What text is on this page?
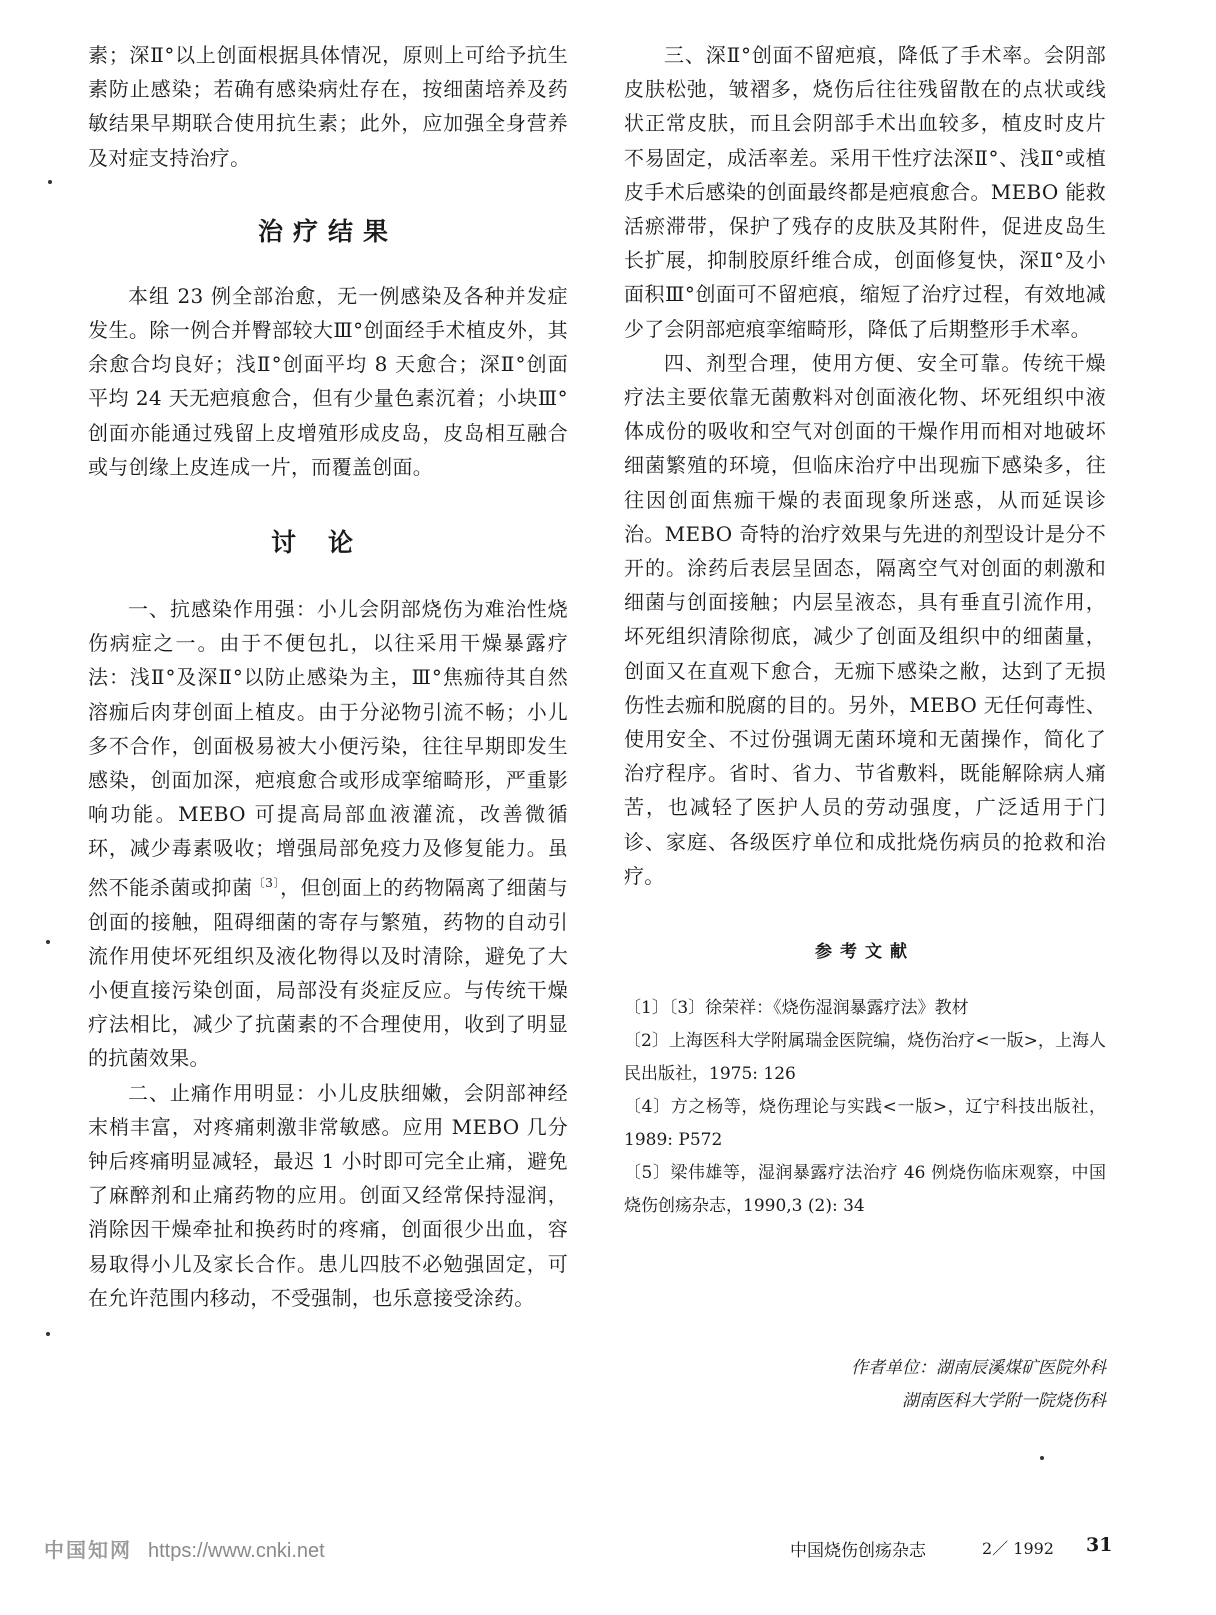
素；深Ⅱ°以上创面根据具体情况，原则上可给予抗生素防止感染；若确有感染病灶存在，按细菌培养及药敏结果早期联合使用抗生素；此外，应加强全身营养及对症支持治疗。

治疗结果

本组 23 例全部治愈，无一例感染及各种并发症发生。除一例合并臀部较大Ⅲ°创面经手术植皮外，其余愈合均良好；浅Ⅱ°创面平均 8 天愈合；深Ⅱ°创面平均 24 天无疤痕愈合，但有少量色素沉着；小块Ⅲ°创面亦能通过残留上皮增殖形成皮岛，皮岛相互融合或与创缘上皮连成一片，而覆盖创面。

讨论

一、抗感染作用强：小儿会阴部烧伤为难治性烧伤病症之一。由于不便包扎，以往采用干燥暴露疗法：浅Ⅱ°及深Ⅱ°以防止感染为主，Ⅲ°焦痂待其自然溶痂后肉芽创面上植皮。由于分泌物引流不畅；小儿多不合作，创面极易被大小便污染，往往早期即发生感染，创面加深，疤痕愈合或形成挛缩畸形，严重影响功能。MEBO 可提高局部血液灌流，改善微循环，减少毒素吸收；增强局部免疫力及修复能力。虽然不能杀菌或抑菌$^{〔3〕}$，但创面上的药物隔离了细菌与创面的接触，阻碍细菌的寄存与繁殖，药物的自动引流作用使坏死组织及液化物得以及时清除，避免了大小便直接污染创面，局部没有炎症反应。与传统干燥疗法相比，减少了抗菌素的不合理使用，收到了明显的抗菌效果。

二、止痛作用明显：小儿皮肤细嫩，会阴部神经末梢丰富，对疼痛刺激非常敏感。应用 MEBO 几分钟后疼痛明显减轻，最迟 1 小时即可完全止痛，避免了麻醉剂和止痛药物的应用。创面又经常保持湿润，消除因干燥牵扯和换药时的疼痛，创面很少出血，容易取得小儿及家长合作。患儿四肢不必勉强固定，可在允许范围内移动，不受强制，也乐意接受涂药。

三、深Ⅱ°创面不留疤痕，降低了手术率。会阴部皮肤松弛，皱褶多，烧伤后往往残留散在的点状或线状正常皮肤，而且会阴部手术出血较多，植皮时皮片不易固定，成活率差。采用干性疗法深Ⅱ°、浅Ⅱ°或植皮手术后感染的创面最终都是疤痕愈合。MEBO 能救活瘀滞带，保护了残存的皮肤及其附件，促进皮岛生长扩展，抑制胶原纤维合成，创面修复快，深Ⅱ°及小面积Ⅲ°创面可不留疤痕，缩短了治疗过程，有效地减少了会阴部疤痕挛缩畸形，降低了后期整形手术率。

四、剂型合理，使用方便、安全可靠。传统干燥疗法主要依靠无菌敷料对创面液化物、坏死组织中液体成份的吸收和空气对创面的干燥作用而相对地破坏细菌繁殖的环境，但临床治疗中出现痂下感染多，往往因创面焦痂干燥的表面现象所迷惑，从而延误诊治。MEBO 奇特的治疗效果与先进的剂型设计是分不开的。涂药后表层呈固态，隔离空气对创面的刺激和细菌与创面接触；内层呈液态，具有垂直引流作用，坏死组织清除彻底，减少了创面及组织中的细菌量，创面又在直观下愈合，无痂下感染之敝，达到了无损伤性去痂和脱腐的目的。另外，MEBO 无任何毒性、使用安全、不过份强调无菌环境和无菌操作，简化了治疗程序。省时、省力、节省敷料，既能解除病人痛苦，也减轻了医护人员的劳动强度，广泛适用于门诊、家庭、各级医疗单位和成批烧伤病员的抢救和治疗。

参考文献

〔1〕〔3〕徐荣祥：《烧伤湿润暴露疗法》教材

〔2〕上海医科大学附属瑞金医院编，烧伤治疗<一版>，上海人民出版社，1975: 126

〔4〕方之杨等，烧伤理论与实践<一版>，辽宁科技出版社，1989: P572

〔5〕梁伟雄等，湿润暴露疗法治疗 46 例烧伤临床观察，中国烧伤创疡杂志，1990,3 (2): 34

作者单位：湖南辰溪煤矿医院外科
湖南医科大学附一院烧伤科
中国知网 https://www.cnki.net	中国烧伤创疡杂志	2／ 1992 31
